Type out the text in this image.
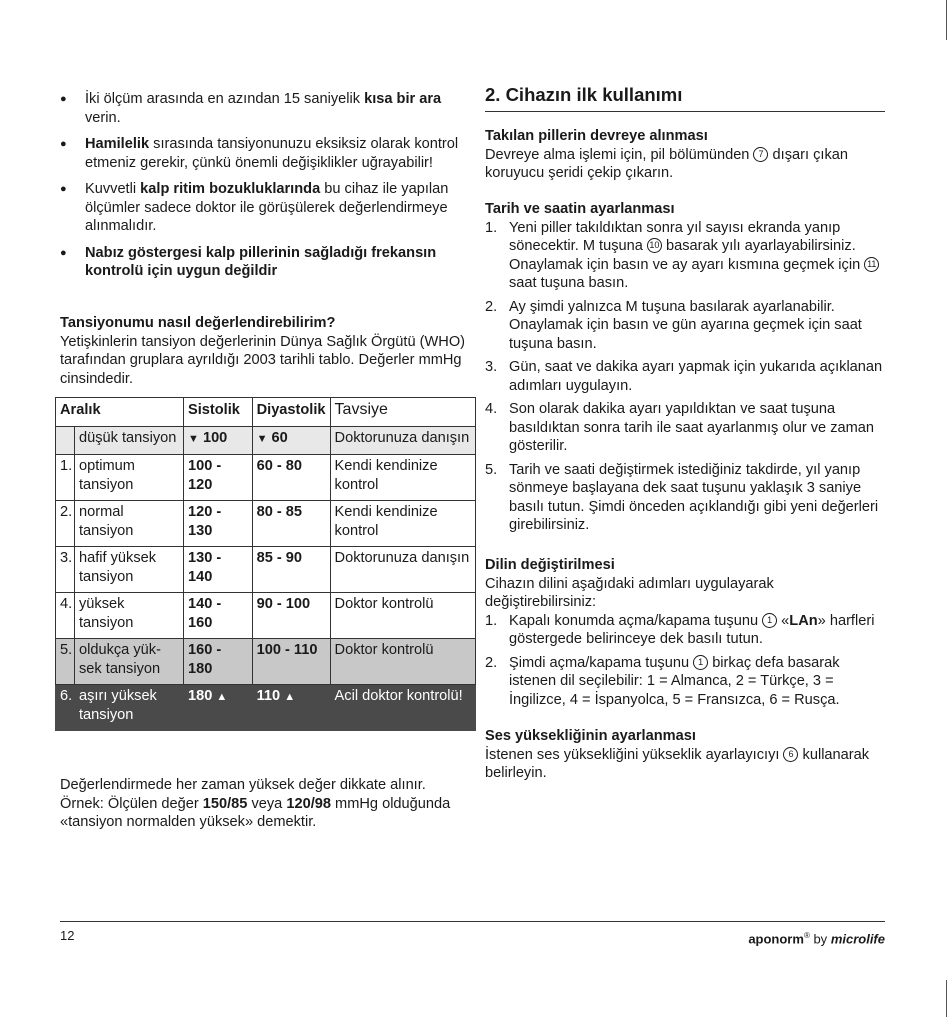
● İki ölçüm arasında en azından 15 saniyelik kısa bir ara verin.
● Hamilelik sırasında tansiyonunuzu eksiksiz olarak kontrol etmeniz gerekir, çünkü önemli değişiklikler uğrayabilir!
● Kuvvetli kalp ritim bozukluklarında bu cihaz ile yapılan ölçümler sadece doktor ile görüşülerek değerlendirmeye alınmalıdır.
● Nabız göstergesi kalp pillerinin sağladığı frekansın kontrolü için uygun değildir
Tansiyonumu nasıl değerlendirebilirim?
Yetişkinlerin tansiyon değerlerinin Dünya Sağlık Örgütü (WHO) tarafından gruplara ayrıldığı 2003 tarihli tablo. Değerler mmHg cinsindedir.
Aralık		Sistolik	Diyastolik	Tavsiye
	düşük tansiyon	▼ 100	▼ 60	Doktorunuza danışın
1.	optimum tansiyon	100 - 120	60 - 80	Kendi kendinize kontrol
2.	normal tansiyon	120 - 130	80 - 85	Kendi kendinize kontrol
3.	hafif yüksek tansiyon	130 - 140	85 - 90	Doktorunuza danışın
4.	yüksek tansiyon	140 - 160	90 - 100	Doktor kontrolü
5.	oldukça yük-sek tansiyon	160 - 180	100 - 110	Doktor kontrolü
6.	aşırı yüksek tansiyon	180 ▲	110 ▲	Acil doktor kontrolü!
Değerlendirmede her zaman yüksek değer dikkate alınır.
Örnek: Ölçülen değer 150/85 veya 120/98 mmHg olduğunda «tansiyon normalden yüksek» demektir.
2. Cihazın ilk kullanımı
Takılan pillerin devreye alınması
Devreye alma işlemi için, pil bölümünden 7 dışarı çıkan koruyucu şeridi çekip çıkarın.
Tarih ve saatin ayarlanması
1. Yeni piller takıldıktan sonra yıl sayısı ekranda yanıp sönecektir. M tuşuna 10 basarak yılı ayarlayabilirsiniz. Onaylamak için basın ve ay ayarı kısmına geçmek için 11 saat tuşuna basın.
2. Ay şimdi yalnızca M tuşuna basılarak ayarlanabilir. Onaylamak için basın ve gün ayarına geçmek için saat tuşuna basın.
3. Gün, saat ve dakika ayarı yapmak için yukarıda açıklanan adımları uygulayın.
4. Son olarak dakika ayarı yapıldıktan ve saat tuşuna basıldıktan sonra tarih ile saat ayarlanmış olur ve zaman gösterilir.
5. Tarih ve saati değiştirmek istediğiniz takdirde, yıl yanıp sönmeye başlayana dek saat tuşunu yaklaşık 3 saniye basılı tutun. Şimdi önceden açıklandığı gibi yeni değerleri girebilirsiniz.
Dilin değiştirilmesi
Cihazın dilini aşağıdaki adımları uygulayarak değiştirebilirsiniz:
1. Kapalı konumda açma/kapama tuşunu 1 «LAn» harfleri göstergede belirinceye dek basılı tutun.
2. Şimdi açma/kapama tuşunu 1 birkaç defa basarak istenen dil seçilebilir: 1 = Almanca, 2 = Türkçe, 3 = İngilizce, 4 = İspanyolca, 5 = Fransızca, 6 = Rusça.
Ses yüksekliğinin ayarlanması
İstenen ses yüksekliğini yükseklik ayarlayıcıyı 6 kullanarak belirleyin.
12	aponorm® by microlife
